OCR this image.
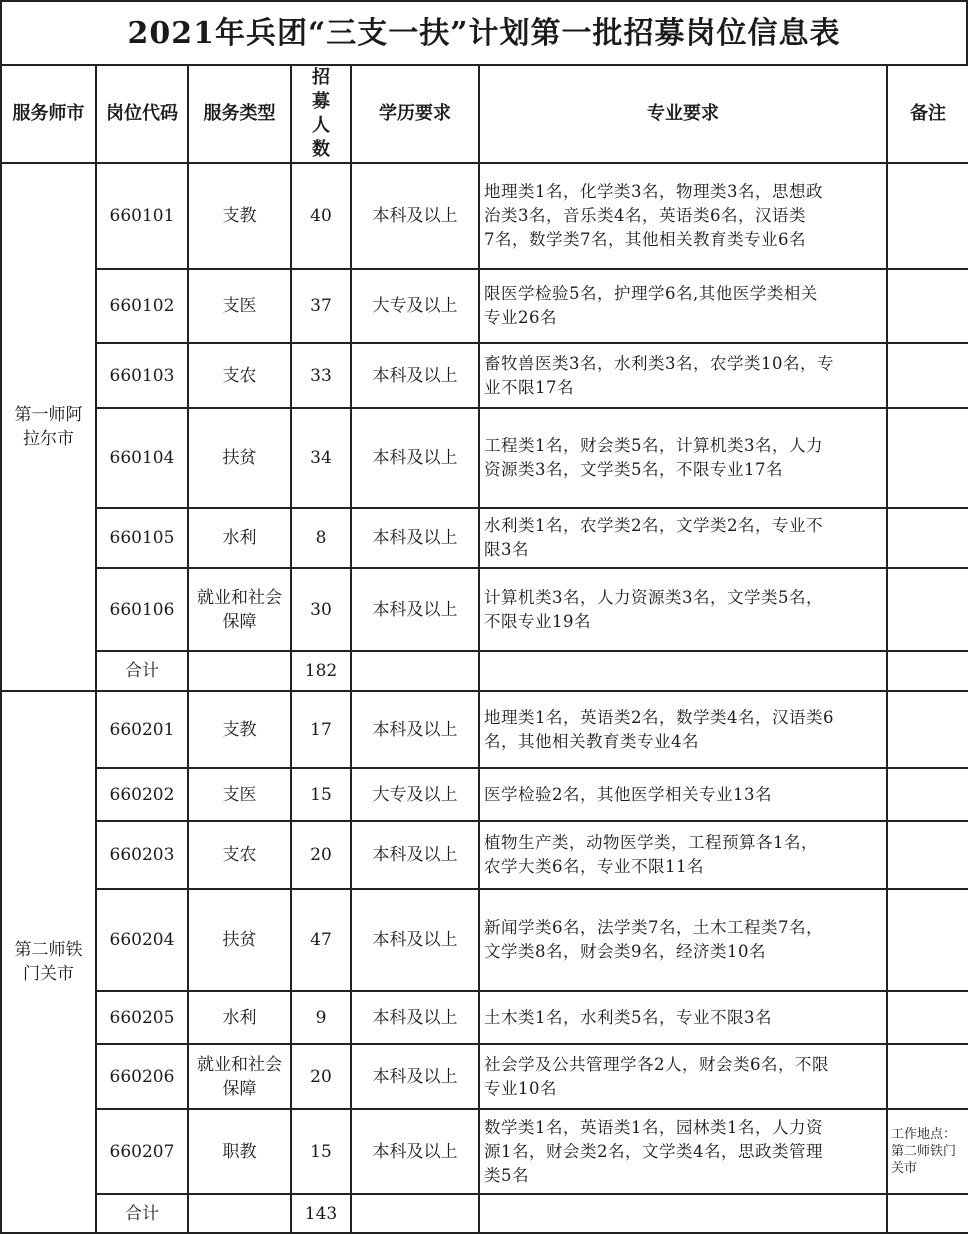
2021年兵团“三支一扶”计划第一批招募岗位信息表
服务师市	岗位代码	服务类型	招募人数	学历要求	专业要求	备注
第一师阿拉尔市	660101	支教	40	本科及以上	地理类1名，化学类3名，物理类3名，思想政
治类3名，音乐类4名，英语类6名，汉语类
7名，数学类7名，其他相关教育类专业6名	

	660102	支医	37	大专及以上	限医学检验5名，护理学6名,其他医学类相关
专业26名	

	660103	支农	33	本科及以上	畜牧兽医类3名，水利类3名，农学类10名，专
业不限17名	

	660104	扶贫	34	本科及以上	工程类1名，财会类5名，计算机类3名，人力
资源类3名，文学类5名，不限专业17名	

	660105	水利	8	本科及以上	水利类1名，农学类2名，文学类2名，专业不
限3名	

	660106	就业和社会保障	30	本科及以上	计算机类3名，人力资源类3名，文学类5名，
不限专业19名	

	合计		182			
第二师铁门关市	660201	支教	17	本科及以上	地理类1名，英语类2名，数学类4名，汉语类6
名，其他相关教育类专业4名	

	660202	支医	15	大专及以上	医学检验2名，其他医学相关专业13名	

	660203	支农	20	本科及以上	植物生产类，动物医学类，工程预算各1名，
农学大类6名，专业不限11名	

	660204	扶贫	47	本科及以上	新闻学类6名，法学类7名，土木工程类7名，
文学类8名，财会类9名，经济类10名	

	660205	水利	9	本科及以上	土木类1名，水利类5名，专业不限3名	

	660206	就业和社会保障	20	本科及以上	社会学及公共管理学各2人，财会类6名，不限
专业10名	

	660207	职教	15	本科及以上	数学类1名，英语类1名，园林类1名，人力资
源1名，财会类2名，文学类4名，思政类管理
类5名	工作地点：第二师铁门关市
	合计		143			
